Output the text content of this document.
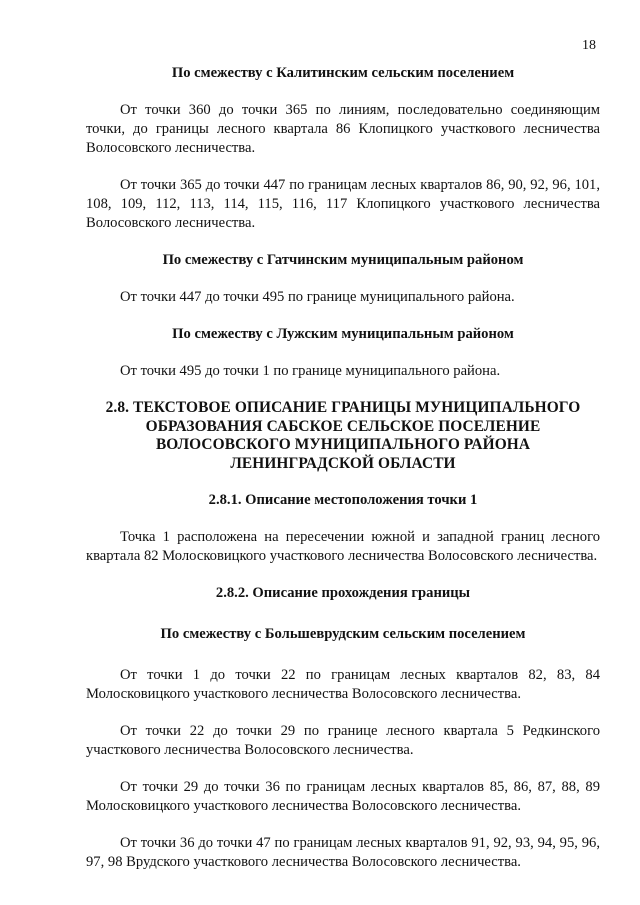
18

По смежеству с Калитинским сельским поселением

От точки 360 до точки 365 по линиям, последовательно соединяющим точки, до границы лесного квартала 86 Клопицкого участкового лесничества Волосовского лесничества.

От точки 365 до точки 447 по границам лесных кварталов 86, 90, 92, 96, 101, 108, 109, 112, 113, 114, 115, 116, 117 Клопицкого участкового лесничества Волосовского лесничества.

По смежеству с Гатчинским муниципальным районом

От точки 447 до точки 495 по границе муниципального района.

По смежеству с Лужским муниципальным районом

От точки 495 до точки 1 по границе муниципального района.

2.8. ТЕКСТОВОЕ ОПИСАНИЕ ГРАНИЦЫ МУНИЦИПАЛЬНОГО

ОБРАЗОВАНИЯ САБСКОЕ СЕЛЬСКОЕ ПОСЕЛЕНИЕ

ВОЛОСОВСКОГО МУНИЦИПАЛЬНОГО РАЙОНА

ЛЕНИНГРАДСКОЙ ОБЛАСТИ

2.8.1. Описание местоположения точки 1

Точка 1 расположена на пересечении южной и западной границ лесного квартала 82 Молосковицкого участкового лесничества Волосовского лесничества.

2.8.2. Описание прохождения границы

По смежеству с Большеврудским сельским поселением

От точки 1 до точки 22 по границам лесных кварталов 82, 83, 84 Молосковицкого участкового лесничества Волосовского лесничества.

От точки 22 до точки 29 по границе лесного квартала 5 Редкинского участкового лесничества Волосовского лесничества.

От точки 29 до точки 36 по границам лесных кварталов 85, 86, 87, 88, 89 Молосковицкого участкового лесничества Волосовского лесничества.

От точки 36 до точки 47 по границам лесных кварталов 91, 92, 93, 94, 95, 96, 97, 98 Врудского участкового лесничества Волосовского лесничества.
